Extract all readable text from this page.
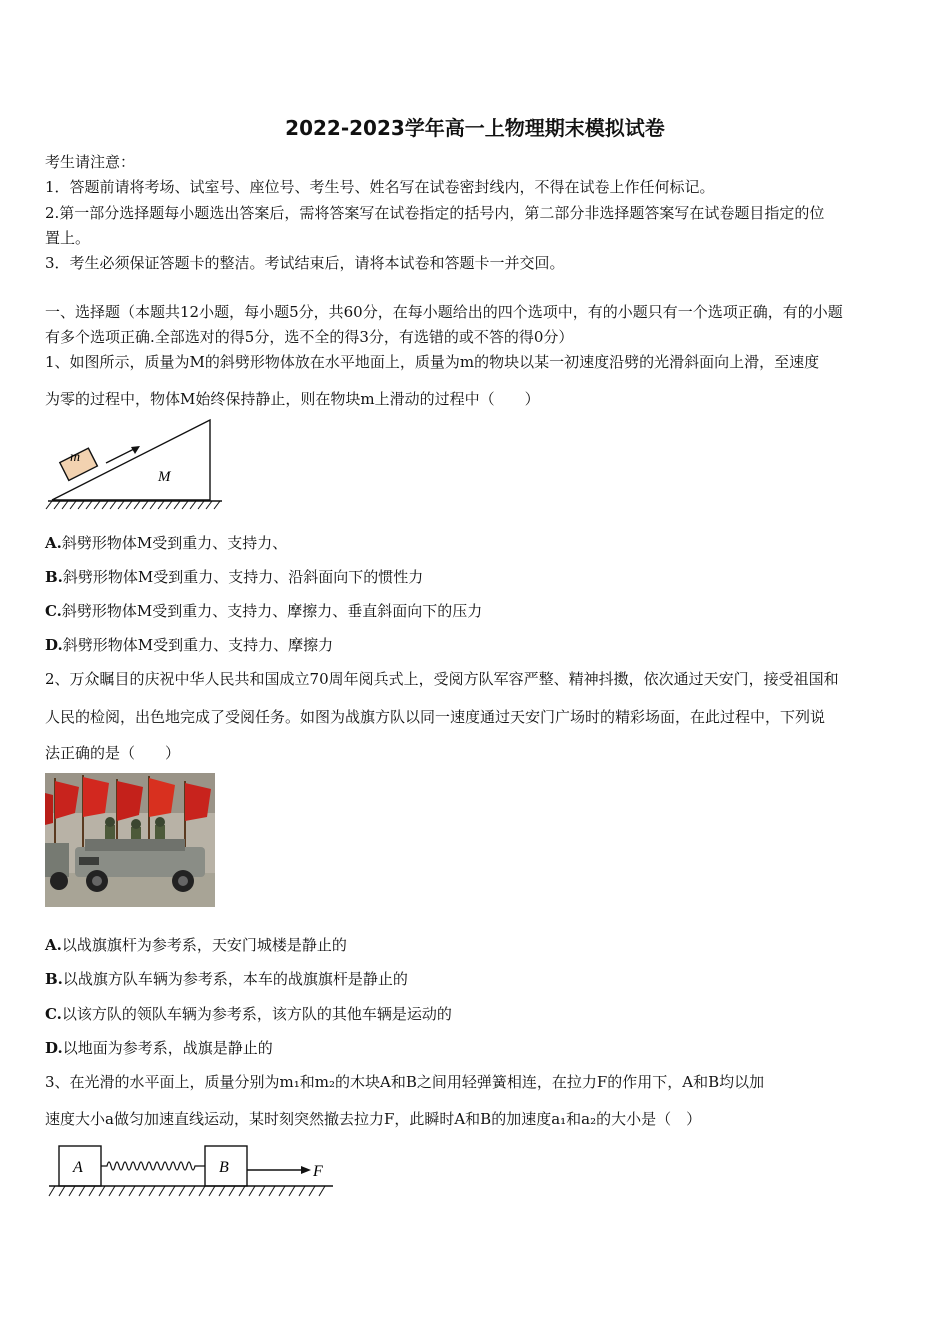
2022-2023学年高一上物理期末模拟试卷
考生请注意：
1．答题前请将考场、试室号、座位号、考生号、姓名写在试卷密封线内，不得在试卷上作任何标记。
2.第一部分选择题每小题选出答案后，需将答案写在试卷指定的括号内，第二部分非选择题答案写在试卷题目指定的位
置上。
3．考生必须保证答题卡的整洁。考试结束后，请将本试卷和答题卡一并交回。
一、选择题（本题共12小题，每小题5分，共60分，在每小题给出的四个选项中，有的小题只有一个选项正确，有的小题
有多个选项正确.全部选对的得5分，选不全的得3分，有选错的或不答的得0分）
1、如图所示，质量为M的斜劈形物体放在水平地面上，质量为m的物块以某一初速度沿劈的光滑斜面向上滑，至速度
为零的过程中，物体M始终保持静止，则在物块m上滑动的过程中（　　）
m
M
A.斜劈形物体M受到重力、支持力、
B.斜劈形物体M受到重力、支持力、沿斜面向下的惯性力
C.斜劈形物体M受到重力、支持力、摩擦力、垂直斜面向下的压力
D.斜劈形物体M受到重力、支持力、摩擦力
2、万众瞩目的庆祝中华人民共和国成立70周年阅兵式上，受阅方队军容严整、精神抖擞，依次通过天安门，接受祖国和
人民的检阅，出色地完成了受阅任务。如图为战旗方队以同一速度通过天安门广场时的精彩场面，在此过程中，下列说
法正确的是（　　）
A.以战旗旗杆为参考系，天安门城楼是静止的
B.以战旗方队车辆为参考系，本车的战旗旗杆是静止的
C.以该方队的领队车辆为参考系，该方队的其他车辆是运动的
D.以地面为参考系，战旗是静止的
3、在光滑的水平面上，质量分别为m₁和m₂的木块A和B之间用轻弹簧相连，在拉力F的作用下，A和B均以加
速度大小a做匀加速直线运动，某时刻突然撤去拉力F，此瞬时A和B的加速度a₁和a₂的大小是（　）
A	B	F
